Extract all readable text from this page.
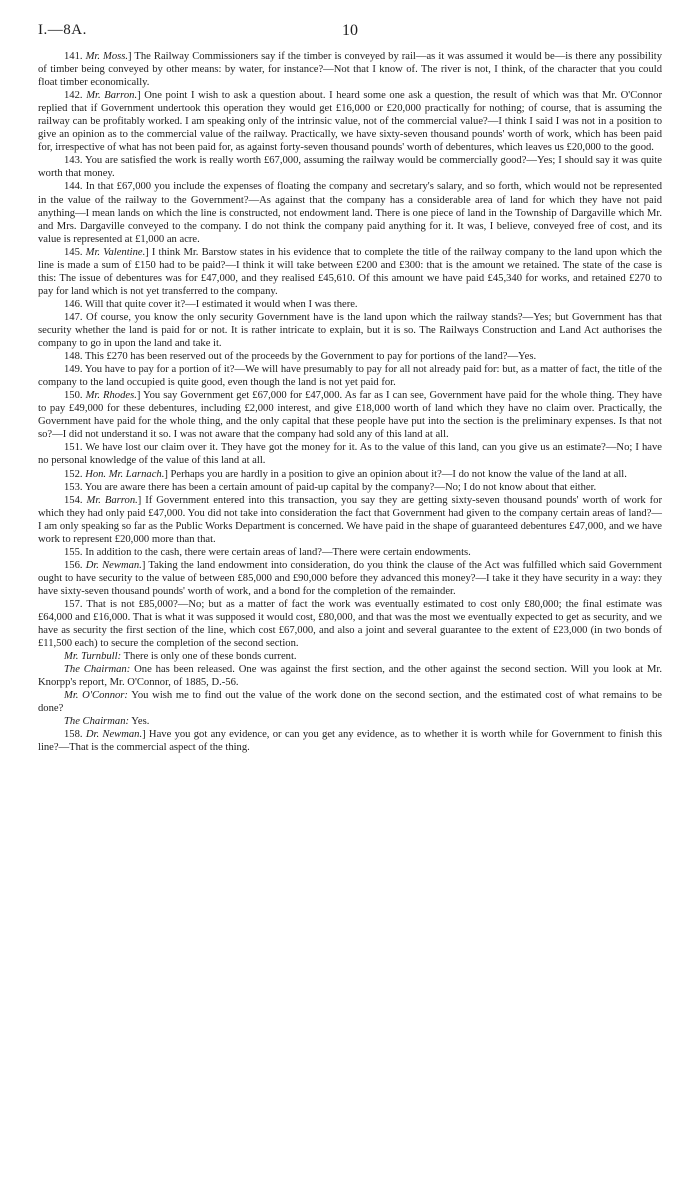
I.—8A.	10

141. Mr. Moss.] The Railway Commissioners say if the timber is conveyed by rail—as it was assumed it would be—is there any possibility of timber being conveyed by other means: by water, for instance?—Not that I know of. The river is not, I think, of the character that you could float timber economically.

142. Mr. Barron.] One point I wish to ask a question about. I heard some one ask a question, the result of which was that Mr. O'Connor replied that if Government undertook this operation they would get £16,000 or £20,000 practically for nothing; of course, that is assuming the railway can be profitably worked. I am speaking only of the intrinsic value, not of the commercial value?—I think I said I was not in a position to give an opinion as to the commercial value of the railway. Practically, we have sixty-seven thousand pounds' worth of work, which has been paid for, irrespective of what has not been paid for, as against forty-seven thousand pounds' worth of debentures, which leaves us £20,000 to the good.

143. You are satisfied the work is really worth £67,000, assuming the railway would be commercially good?—Yes; I should say it was quite worth that money.

144. In that £67,000 you include the expenses of floating the company and secretary's salary, and so forth, which would not be represented in the value of the railway to the Government?—As against that the company has a considerable area of land for which they have not paid anything—I mean lands on which the line is constructed, not endowment land. There is one piece of land in the Township of Dargaville which Mr. and Mrs. Dargaville conveyed to the company. I do not think the company paid anything for it. It was, I believe, conveyed free of cost, and its value is represented at £1,000 an acre.

145. Mr. Valentine.] I think Mr. Barstow states in his evidence that to complete the title of the railway company to the land upon which the line is made a sum of £150 had to be paid?—I think it will take between £200 and £300: that is the amount we retained. The state of the case is this: The issue of debentures was for £47,000, and they realised £45,610. Of this amount we have paid £45,340 for works, and retained £270 to pay for land which is not yet transferred to the company.

146. Will that quite cover it?—I estimated it would when I was there.

147. Of course, you know the only security Government have is the land upon which the railway stands?—Yes; but Government has that security whether the land is paid for or not. It is rather intricate to explain, but it is so. The Railways Construction and Land Act authorises the company to go in upon the land and take it.

148. This £270 has been reserved out of the proceeds by the Government to pay for portions of the land?—Yes.

149. You have to pay for a portion of it?—We will have presumably to pay for all not already paid for: but, as a matter of fact, the title of the company to the land occupied is quite good, even though the land is not yet paid for.

150. Mr. Rhodes.] You say Government get £67,000 for £47,000. As far as I can see, Government have paid for the whole thing. They have to pay £49,000 for these debentures, including £2,000 interest, and give £18,000 worth of land which they have no claim over. Practically, the Government have paid for the whole thing, and the only capital that these people have put into the section is the preliminary expenses. Is that not so?—I did not understand it so. I was not aware that the company had sold any of this land at all.

151. We have lost our claim over it. They have got the money for it. As to the value of this land, can you give us an estimate?—No; I have no personal knowledge of the value of this land at all.

152. Hon. Mr. Larnach.] Perhaps you are hardly in a position to give an opinion about it?—I do not know the value of the land at all.

153. You are aware there has been a certain amount of paid-up capital by the company?—No; I do not know about that either.

154. Mr. Barron.] If Government entered into this transaction, you say they are getting sixty-seven thousand pounds' worth of work for which they had only paid £47,000. You did not take into consideration the fact that Government had given to the company certain areas of land?—I am only speaking so far as the Public Works Department is concerned. We have paid in the shape of guaranteed debentures £47,000, and we have work to represent £20,000 more than that.

155. In addition to the cash, there were certain areas of land?—There were certain endowments.

156. Dr. Newman.] Taking the land endowment into consideration, do you think the clause of the Act was fulfilled which said Government ought to have security to the value of between £85,000 and £90,000 before they advanced this money?—I take it they have security in a way: they have sixty-seven thousand pounds' worth of work, and a bond for the completion of the remainder.

157. That is not £85,000?—No; but as a matter of fact the work was eventually estimated to cost only £80,000; the final estimate was £64,000 and £16,000. That is what it was supposed it would cost, £80,000, and that was the most we eventually expected to get as security, and we have as security the first section of the line, which cost £67,000, and also a joint and several guarantee to the extent of £23,000 (in two bonds of £11,500 each) to secure the completion of the second section.

Mr. Turnbull: There is only one of these bonds current.

The Chairman: One has been released. One was against the first section, and the other against the second section. Will you look at Mr. Knorpp's report, Mr. O'Connor, of 1885, D.-56.

Mr. O'Connor: You wish me to find out the value of the work done on the second section, and the estimated cost of what remains to be done?

The Chairman: Yes.

158. Dr. Newman.] Have you got any evidence, or can you get any evidence, as to whether it is worth while for Government to finish this line?—That is the commercial aspect of the thing.
